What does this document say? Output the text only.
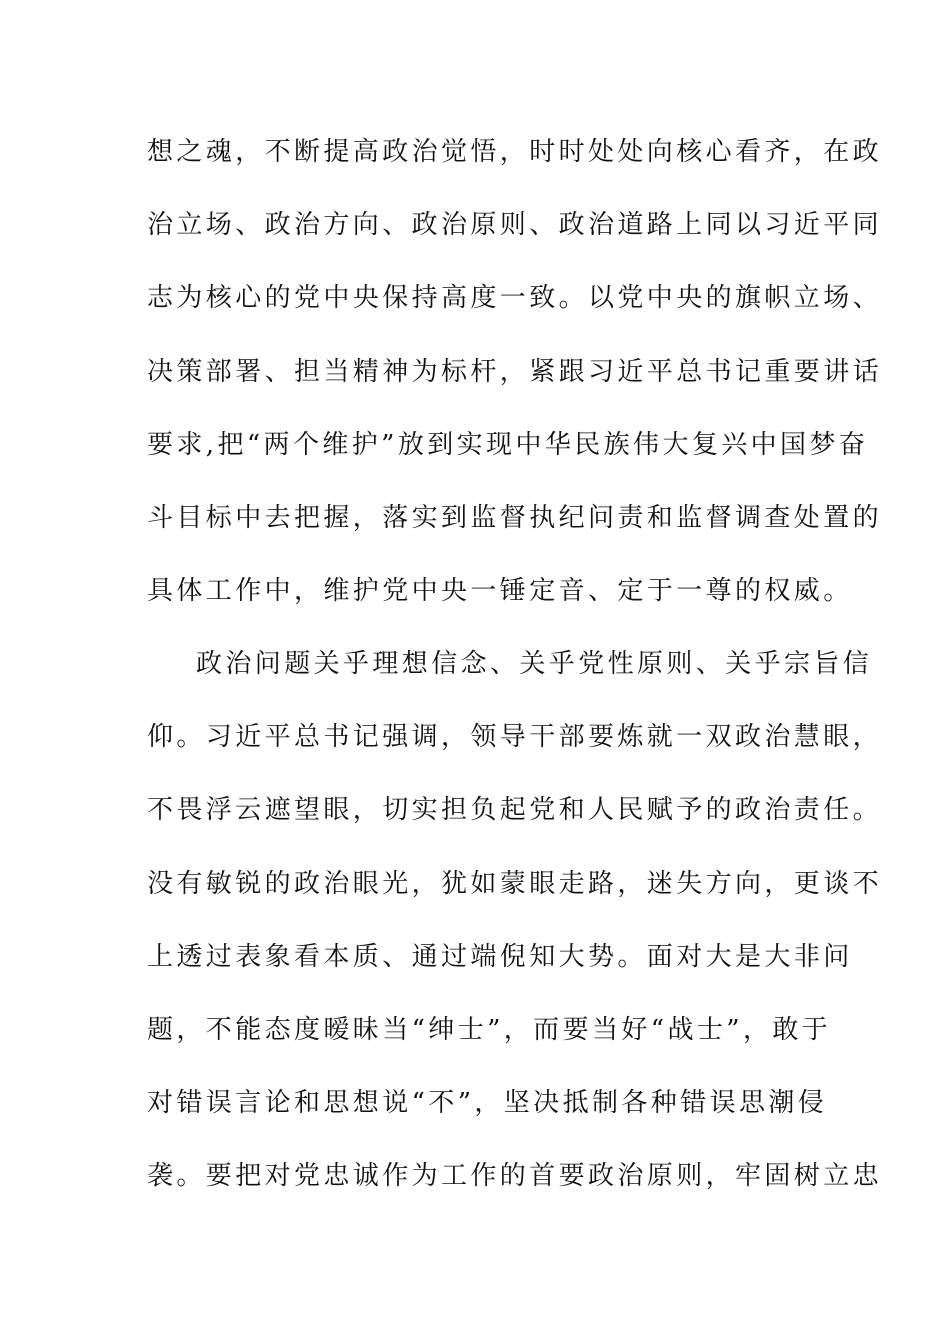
想之魂，不断提高政治觉悟，时时处处向核心看齐，在政
治立场、政治方向、政治原则、政治道路上同以习近平同
志为核心的党中央保持高度一致。以党中央的旗帜立场、
决策部署、担当精神为标杆，紧跟习近平总书记重要讲话
要求,把“两个维护”放到实现中华民族伟大复兴中国梦奋
斗目标中去把握，落实到监督执纪问责和监督调查处置的
具体工作中，维护党中央一锤定音、定于一尊的权威。
政治问题关乎理想信念、关乎党性原则、关乎宗旨信
仰。习近平总书记强调，领导干部要炼就一双政治慧眼，
不畏浮云遮望眼，切实担负起党和人民赋予的政治责任。
没有敏锐的政治眼光，犹如蒙眼走路，迷失方向，更谈不
上透过表象看本质、通过端倪知大势。面对大是大非问
题，不能态度暧昧当“绅士”，而要当好“战士”，敢于
对错误言论和思想说“不”，坚决抵制各种错误思潮侵
袭。要把对党忠诚作为工作的首要政治原则，牢固树立忠
